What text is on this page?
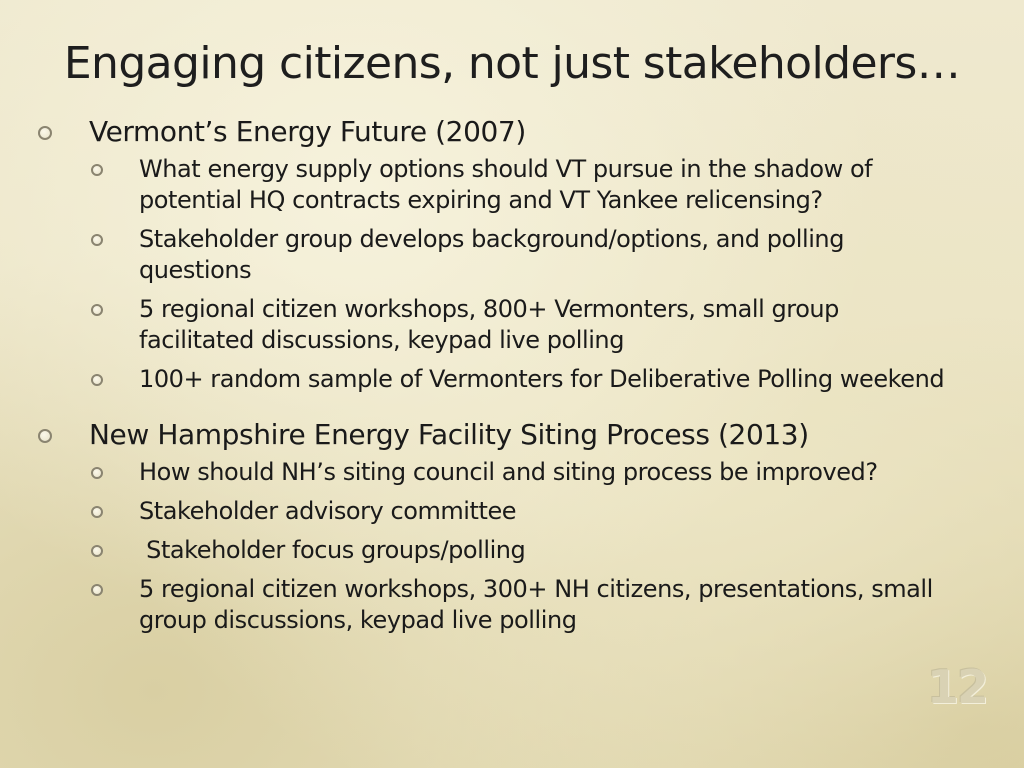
Engaging citizens, not just stakeholders…
Vermont’s Energy Future (2007)
What energy supply options should VT pursue in the shadow of potential HQ contracts expiring and VT Yankee relicensing?
Stakeholder group develops background/options, and polling questions
5 regional citizen workshops, 800+ Vermonters, small group facilitated discussions, keypad live polling
100+ random sample of Vermonters for Deliberative Polling weekend
New Hampshire Energy Facility Siting Process (2013)
How should NH’s siting council and siting process be improved?
Stakeholder advisory committee
Stakeholder focus groups/polling
5 regional citizen workshops, 300+ NH citizens, presentations, small group discussions, keypad live polling
12
